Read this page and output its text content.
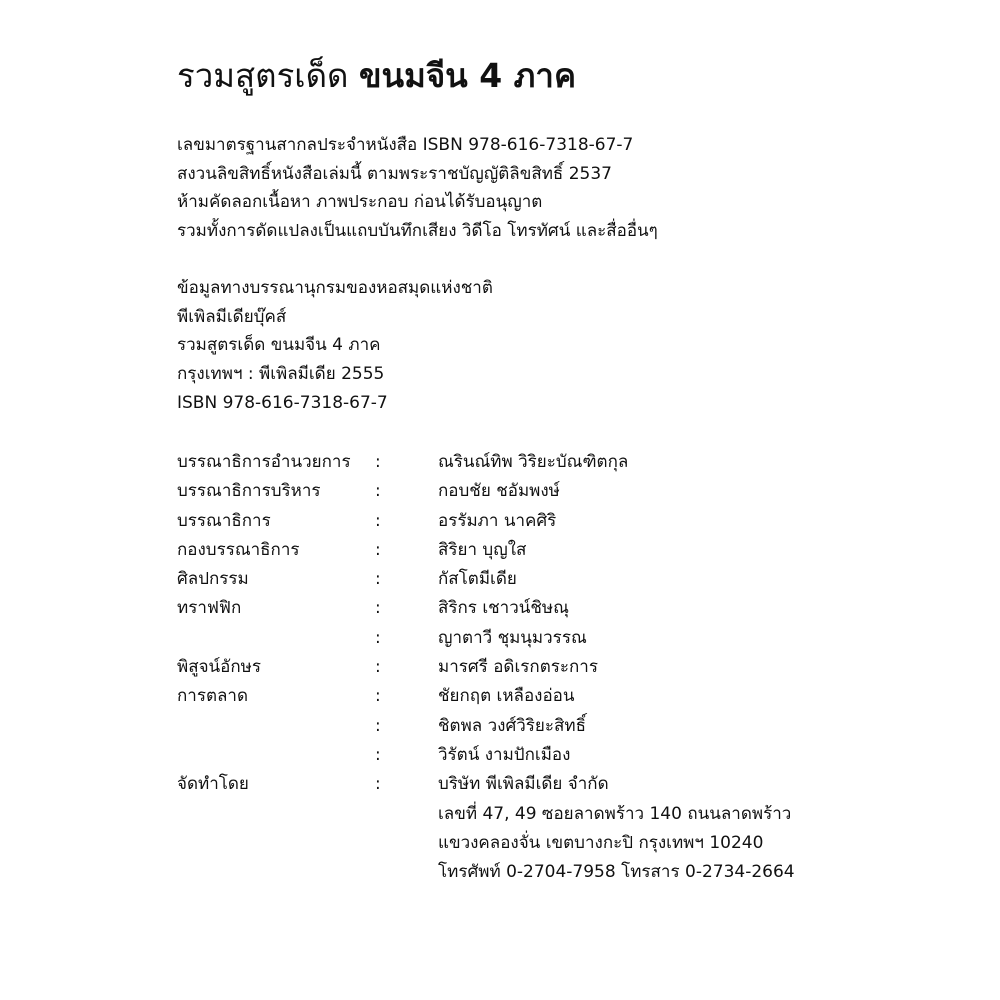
รวมสูตรเด็ด ขนมจีน 4 ภาค
เลขมาตรฐานสากลประจำหนังสือ ISBN 978-616-7318-67-7
สงวนลิขสิทธิ์หนังสือเล่มนี้ ตามพระราชบัญญัติลิขสิทธิ์ 2537
ห้ามคัดลอกเนื้อหา ภาพประกอบ ก่อนได้รับอนุญาต
รวมทั้งการดัดแปลงเป็นแถบบันทึกเสียง วิดีโอ โทรทัศน์ และสื่ออื่นๆ
ข้อมูลทางบรรณานุกรมของหอสมุดแห่งชาติ
พีเพิลมีเดียบุ๊คส์
รวมสูตรเด็ด ขนมจีน 4 ภาค
กรุงเทพฯ : พีเพิลมีเดีย 2555
ISBN 978-616-7318-67-7
บรรณาธิการอำนวยการ :	ณรินณ์ทิพ วิริยะบัณฑิตกุล
บรรณาธิการบริหาร	:	กอบชัย ชอัมพงษ์
บรรณาธิการ	:	อรรัมภา นาคศิริ
กองบรรณาธิการ	:	สิริยา บุญใส
ศิลปกรรม	:	กัสโตมีเดีย
ทราฟฟิก	:	สิริกร เชาวน์ชิษณุ
:	ญาตาวี ชุมนุมวรรณ
พิสูจน์อักษร	:	มารศรี อดิเรกตระการ
การตลาด	:	ชัยกฤต เหลืองอ่อน
:	ชิตพล วงศ์วิริยะสิทธิ์
:	วิรัตน์ งามปักเมือง
จัดทำโดย	:	บริษัท พีเพิลมีเดีย จำกัด
เลขที่ 47, 49 ซอยลาดพร้าว 140 ถนนลาดพร้าว
แขวงคลองจั่น เขตบางกะปิ กรุงเทพฯ 10240
โทรศัพท์ 0-2704-7958 โทรสาร 0-2734-2664
